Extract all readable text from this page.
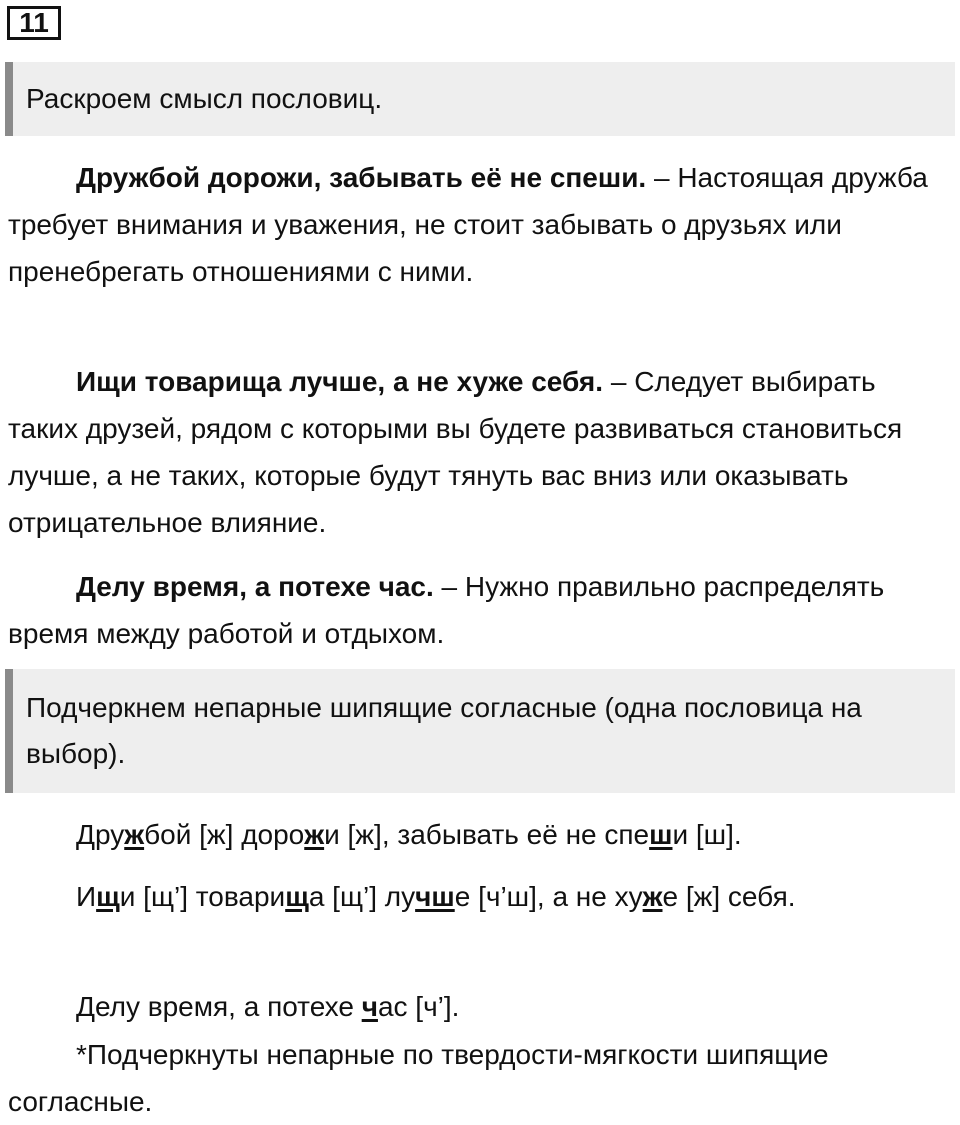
11
Раскроем смысл пословиц.

Дружбой дорожи, забывать её не спеши. – Настоящая дружба требует внимания и уважения, не стоит забывать о друзьях или пренебрегать отношениями с ними.

Ищи товарища лучше, а не хуже себя. – Следует выбирать таких друзей, рядом с которыми вы будете развиваться становиться лучше, а не таких, которые будут тянуть вас вниз или оказывать отрицательное влияние.

Делу время, а потехе час. – Нужно правильно распределять время между работой и отдыхом.

Подчеркнем непарные шипящие согласные (одна пословица на выбор).

Дружбой [ж] дорожи [ж], забывать её не спеши [ш].

Ищи [щ’] товарища [щ’] лучше [ч’ш], а не хуже [ж] себя.

Делу время, а потехе час [ч’].

*Подчеркнуты непарные по твердости-мягкости шипящие согласные.
